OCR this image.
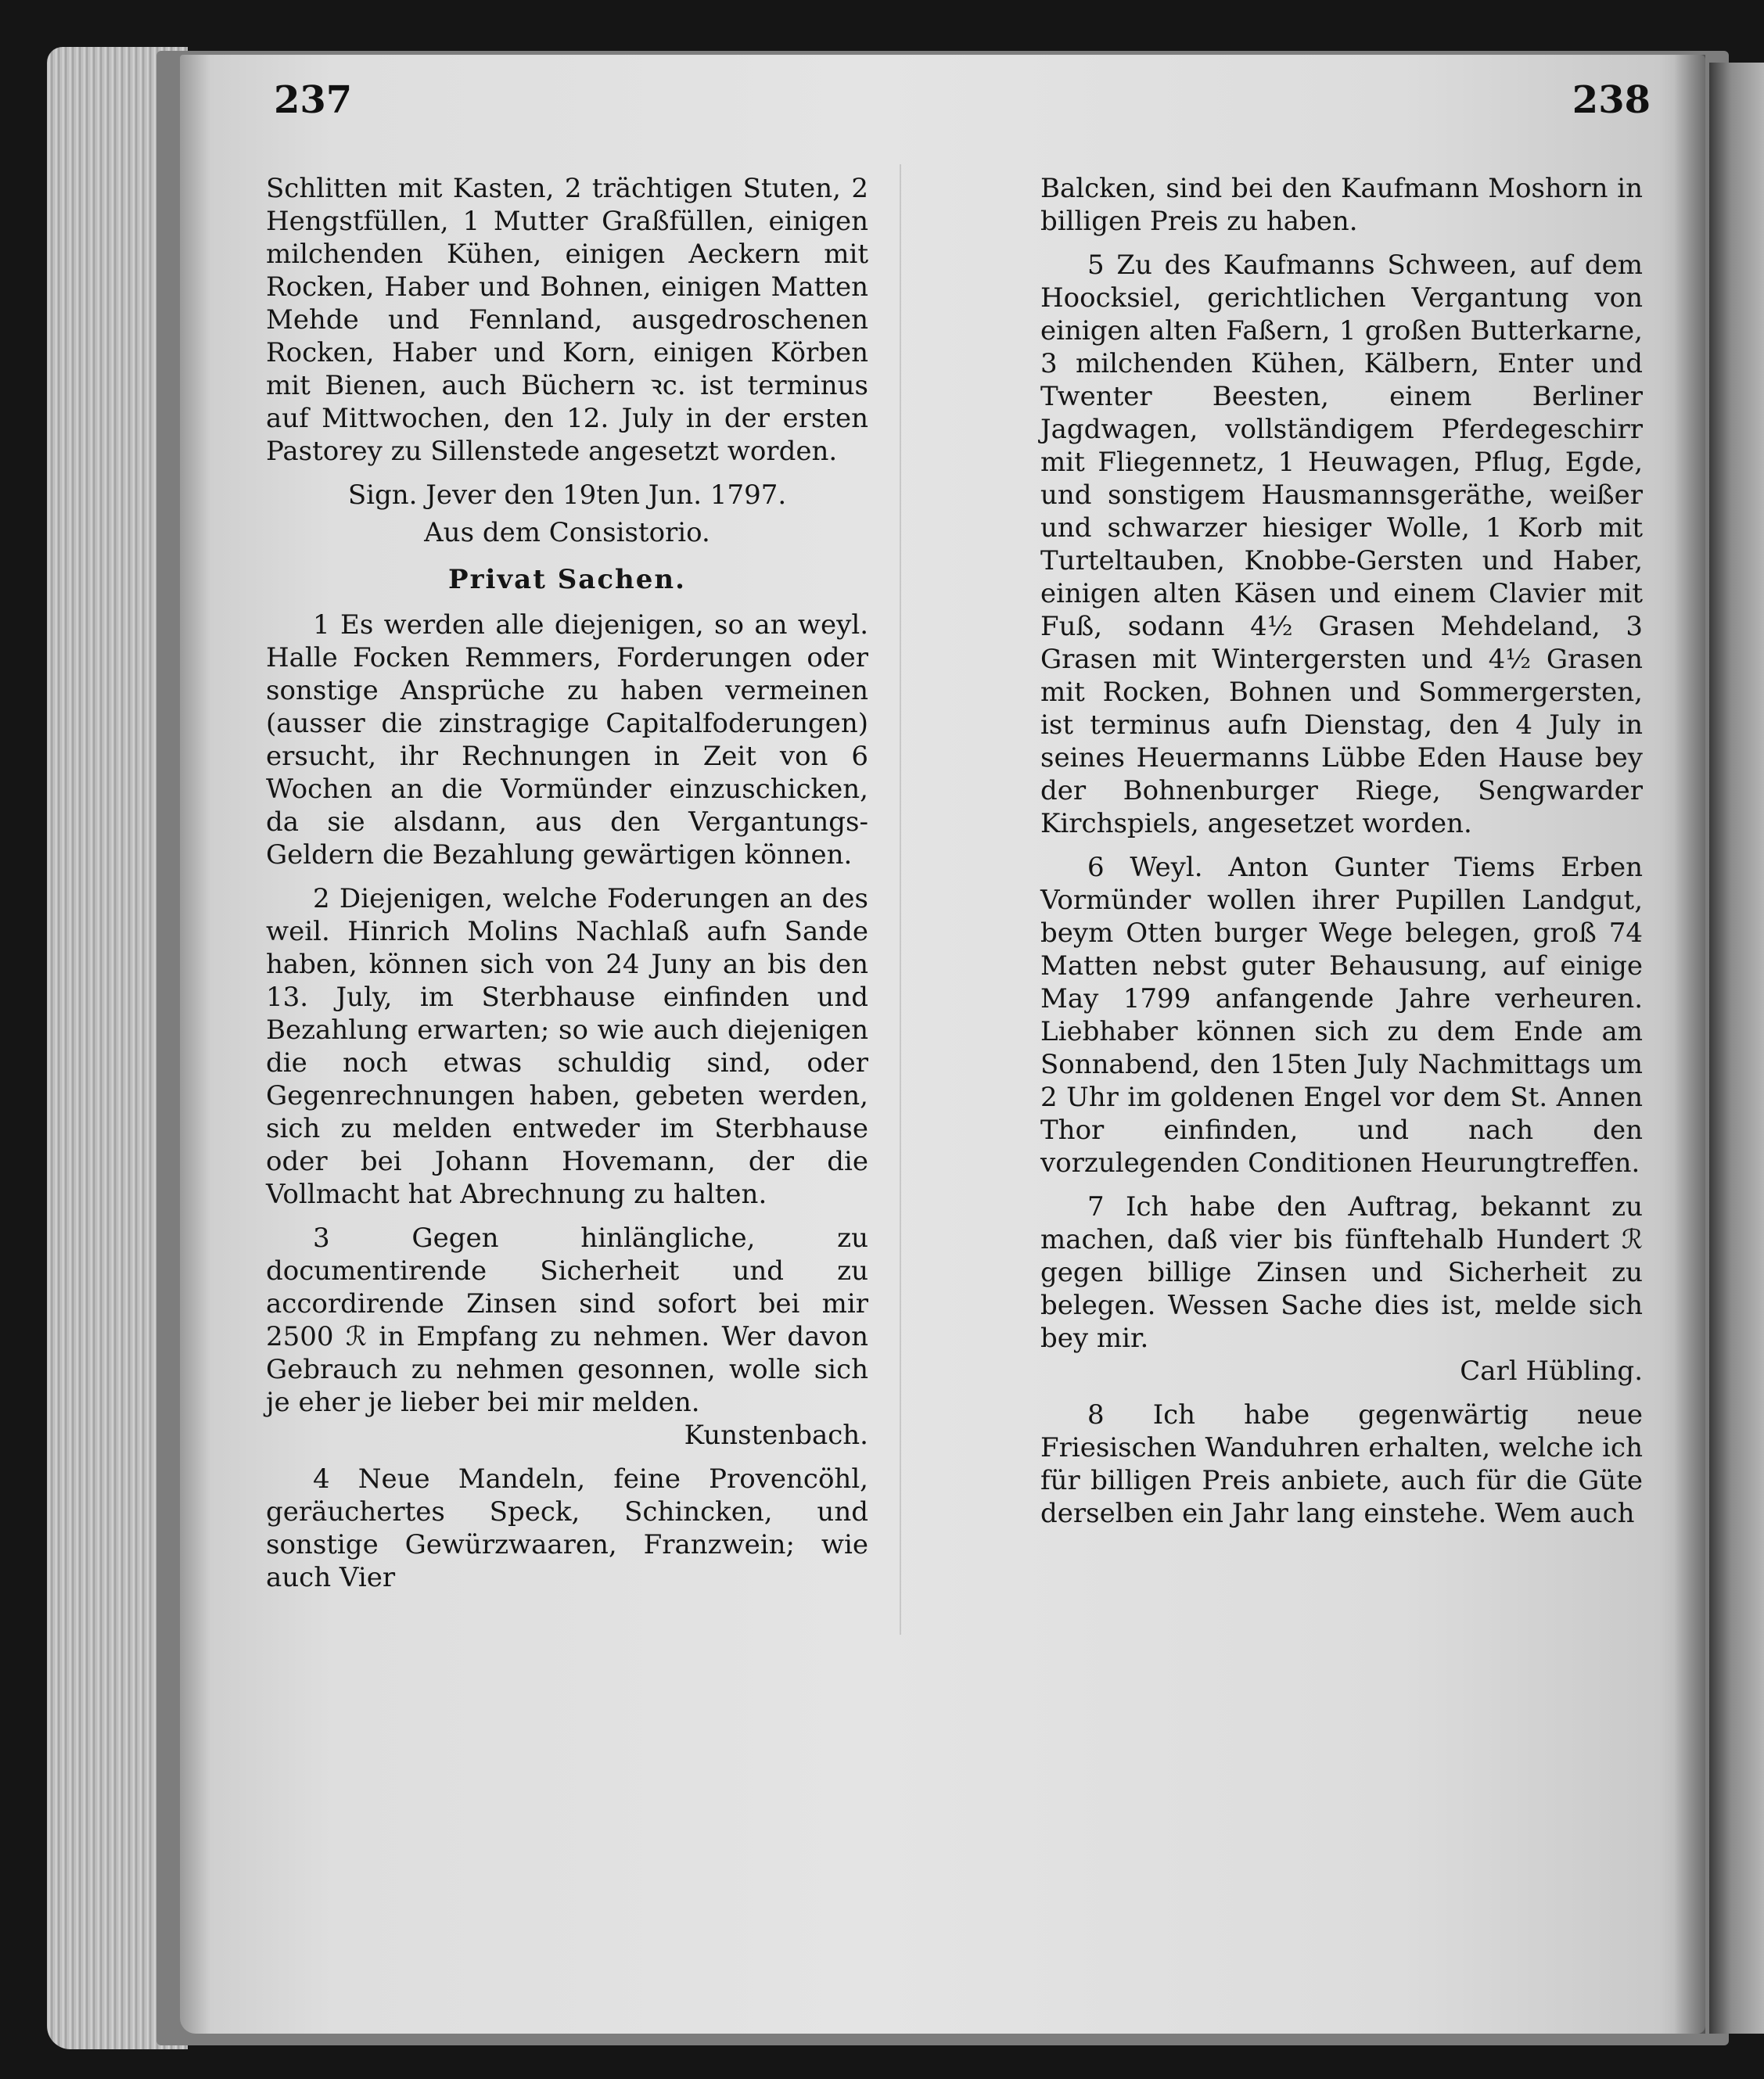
237	238

Schlitten mit Kasten, 2 trächtigen Stuten, 2 Hengstfüllen, 1 Mutter Graßfüllen, einigen milchenden Kühen, einigen Aeckern mit Rocken, Haber und Bohnen, einigen Matten Mehde und Fennland, ausgedroschenen Rocken, Haber und Korn, einigen Körben mit Bienen, auch Büchern ꝛc. ist terminus auf Mittwochen, den 12. July in der ersten Pastorey zu Sillenstede angesetzt worden.

Sign. Jever den 19ten Jun. 1797.

Aus dem Consistorio.

Privat Sachen.

1 Es werden alle diejenigen, so an weyl. Halle Focken Remmers, Forderungen oder sonstige Ansprüche zu haben vermeinen (ausser die zinstragige Capitalfoderungen) ersucht, ihr Rechnungen in Zeit von 6 Wochen an die Vormünder einzuschicken, da sie alsdann, aus den Vergantungs-Geldern die Bezahlung gewärtigen können.

2 Diejenigen, welche Foderungen an des weil. Hinrich Molins Nachlaß aufn Sande haben, können sich von 24 Juny an bis den 13. July, im Sterbhause einfinden und Bezahlung erwarten; so wie auch diejenigen die noch etwas schuldig sind, oder Gegenrechnungen haben, gebeten werden, sich zu melden entweder im Sterbhause oder bei Johann Hovemann, der die Vollmacht hat Abrechnung zu halten.

3 Gegen hinlängliche, zu documentirende Sicherheit und zu accordirende Zinsen sind sofort bei mir 2500 ℛ in Empfang zu nehmen. Wer davon Gebrauch zu nehmen gesonnen, wolle sich je eher je lieber bei mir melden.
Kunstenbach.

4 Neue Mandeln, feine Provencöhl, geräuchertes Speck, Schincken, und sonstige Gewürzwaaren, Franzwein; wie auch Vier

Balcken, sind bei den Kaufmann Moshorn in billigen Preis zu haben.

5 Zu des Kaufmanns Schween, auf dem Hoocksiel, gerichtlichen Vergantung von einigen alten Faßern, 1 großen Butterkarne, 3 milchenden Kühen, Kälbern, Enter und Twenter Beesten, einem Berliner Jagdwagen, vollständigem Pferdegeschirr mit Fliegennetz, 1 Heuwagen, Pflug, Egde, und sonstigem Hausmannsgeräthe, weißer und schwarzer hiesiger Wolle, 1 Korb mit Turteltauben, Knobbe-Gersten und Haber, einigen alten Käsen und einem Clavier mit Fuß, sodann 4½ Grasen Mehdeland, 3 Grasen mit Wintergersten und 4½ Grasen mit Rocken, Bohnen und Sommergersten, ist terminus aufn Dienstag, den 4 July in seines Heuermanns Lübbe Eden Hause bey der Bohnenburger Riege, Sengwarder Kirchspiels, angesetzet worden.

6 Weyl. Anton Gunter Tiems Erben Vormünder wollen ihrer Pupillen Landgut, beym Otten burger Wege belegen, groß 74 Matten nebst guter Behausung, auf einige May 1799 anfangende Jahre verheuren. Liebhaber können sich zu dem Ende am Sonnabend, den 15ten July Nachmittags um 2 Uhr im goldenen Engel vor dem St. Annen Thor einfinden, und nach den vorzulegenden Conditionen Heurungtreffen.

7 Ich habe den Auftrag, bekannt zu machen, daß vier bis fünftehalb Hundert ℛ gegen billige Zinsen und Sicherheit zu belegen. Wessen Sache dies ist, melde sich bey mir.
Carl Hübling.

8 Ich habe gegenwärtig neue Friesischen Wanduhren erhalten, welche ich für billigen Preis anbiete, auch für die Güte derselben ein Jahr lang einstehe. Wem auch
